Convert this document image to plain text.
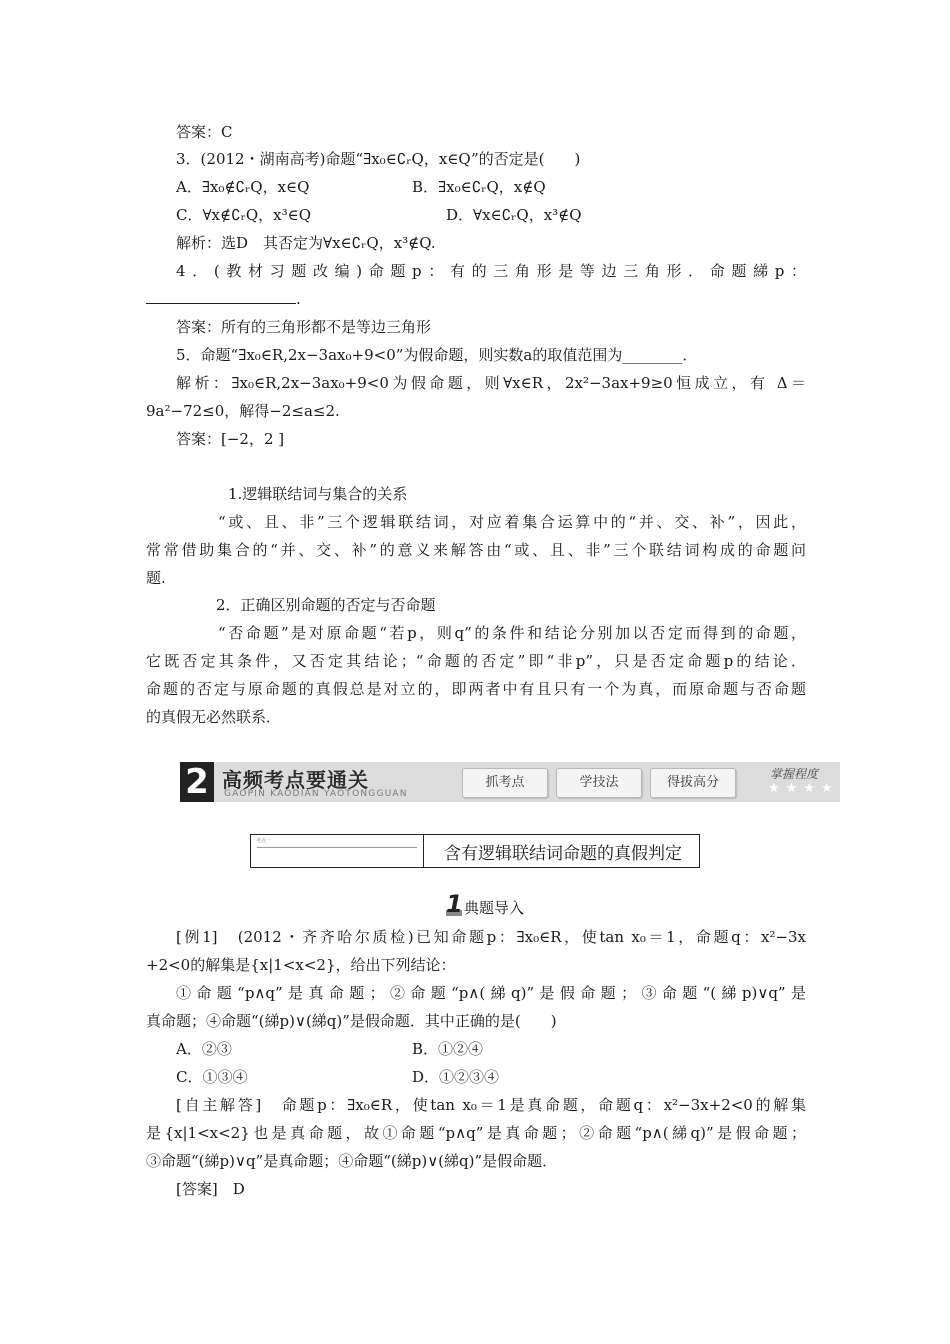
答案：C
3．(2012・湖南高考)命题“∃x₀∈∁ᵣQ，x∈Q”的否定是(　　)
A．∃x₀∉∁ᵣQ，x∈Q	B．∃x₀∈∁ᵣQ，x∉Q
C．∀x∉∁ᵣQ，x³∈Q	D．∀x∈∁ᵣQ，x³∉Q
解析：选D　其否定为∀x∈∁ᵣQ，x³∉Q.
4．(教材习题改编)命题p：有的三角形是等边三角形．命题綈p：
.
答案：所有的三角形都不是等边三角形
5．命题“∃x₀∈R,2x−3ax₀+9<0”为假命题，则实数a的取值范围为________．
解析：∃x₀∈R,2x−3ax₀+9<0为假命题，则∀x∈R，2x²−3ax+9≥0恒成立，有 Δ＝
9a²−72≤0，解得−2≤a≤2.
答案：[−2，2 ]
1.逻辑联结词与集合的关系
“或、且、非”三个逻辑联结词，对应着集合运算中的“并、交、补”，因此，
常常借助集合的“并、交、补”的意义来解答由“或、且、非”三个联结词构成的命题问
题.
2．正确区别命题的否定与否命题
“否命题”是对原命题“若p，则q”的条件和结论分别加以否定而得到的命题，
它既否定其条件，又否定其结论；“命题的否定”即“非p”，只是否定命题p的结论．
命题的否定与原命题的真假总是对立的，即两者中有且只有一个为真，而原命题与否命题
的真假无必然联系．
2 高频考点要通关
GAOPIN KAODIAN YAOTONGGUAN
抓考点	学技法	得拔高分
掌握程度
★★★★
考点一
含有逻辑联结词命题的真假判定
1 典题导入
[例1]　(2012・齐齐哈尔质检)已知命题p：∃x₀∈R，使tan x₀＝1，命题q：x²−3x
+2<0的解集是{x|1<x<2}，给出下列结论：
①命题“p∧q”是真命题；②命题“p∧(綈q)”是假命题；③命题“(綈p)∨q”是
真命题；④命题“(綈p)∨(綈q)”是假命题．其中正确的是(　　)
A．②③	B．①②④
C．①③④	D．①②③④
[自主解答]　命题p：∃x₀∈R，使tan x₀＝1是真命题，命题q：x²−3x+2<0的解集
是{x|1<x<2}也是真命题，故①命题“p∧q”是真命题；②命题“p∧(綈q)”是假命题；
③命题“(綈p)∨q”是真命题；④命题“(綈p)∨(綈q)”是假命题．
[答案]　D
